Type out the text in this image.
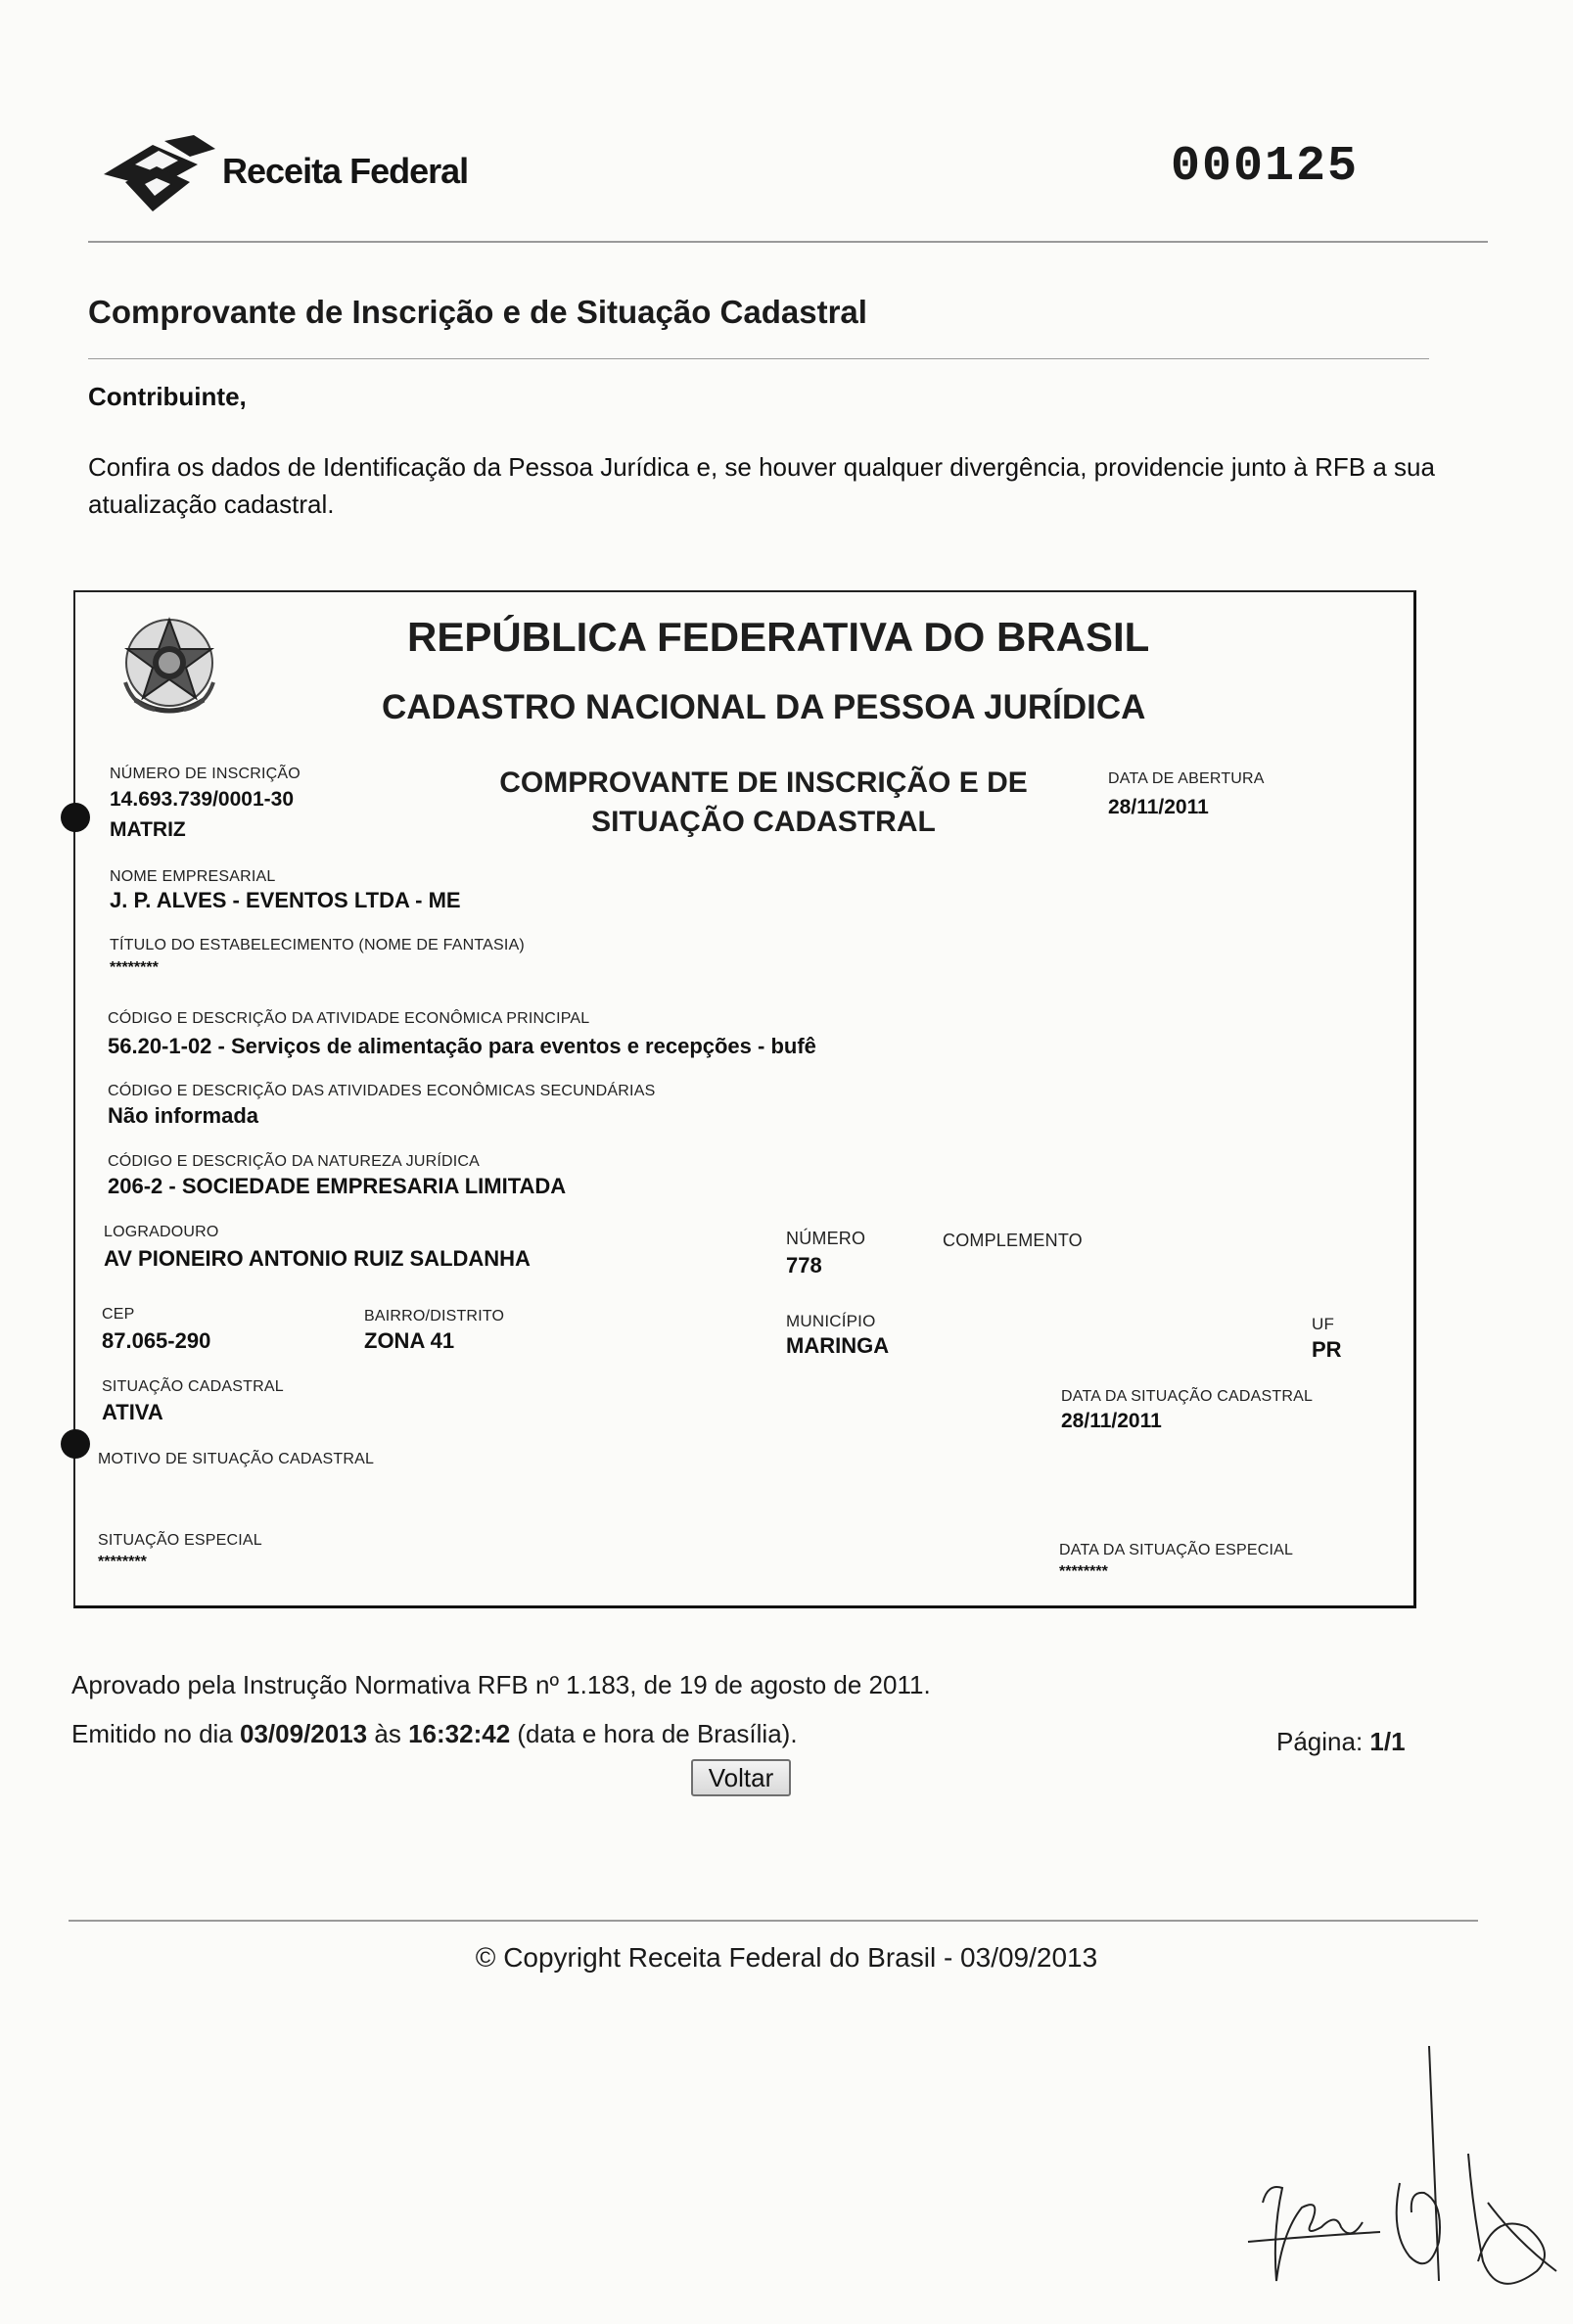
Receita Federal	000125
Comprovante de Inscrição e de Situação Cadastral
Contribuinte,
Confira os dados de Identificação da Pessoa Jurídica e, se houver qualquer divergência, providencie junto à RFB a sua atualização cadastral.
REPÚBLICA FEDERATIVA DO BRASIL
CADASTRO NACIONAL DA PESSOA JURÍDICA
COMPROVANTE DE INSCRIÇÃO E DE SITUAÇÃO CADASTRAL
NÚMERO DE INSCRIÇÃO
14.693.739/0001-30
MATRIZ
DATA DE ABERTURA
28/11/2011
NOME EMPRESARIAL
J. P. ALVES - EVENTOS LTDA - ME
TÍTULO DO ESTABELECIMENTO (NOME DE FANTASIA)
********
CÓDIGO E DESCRIÇÃO DA ATIVIDADE ECONÔMICA PRINCIPAL
56.20-1-02 - Serviços de alimentação para eventos e recepções - bufê
CÓDIGO E DESCRIÇÃO DAS ATIVIDADES ECONÔMICAS SECUNDÁRIAS
Não informada
CÓDIGO E DESCRIÇÃO DA NATUREZA JURÍDICA
206-2 - SOCIEDADE EMPRESARIA LIMITADA
LOGRADOURO
AV PIONEIRO ANTONIO RUIZ SALDANHA
NÚMERO
778
COMPLEMENTO
CEP
87.065-290
BAIRRO/DISTRITO
ZONA 41
MUNICÍPIO
MARINGA
UF
PR
SITUAÇÃO CADASTRAL
ATIVA
DATA DA SITUAÇÃO CADASTRAL
28/11/2011
MOTIVO DE SITUAÇÃO CADASTRAL
SITUAÇÃO ESPECIAL
********
DATA DA SITUAÇÃO ESPECIAL
********
Aprovado pela Instrução Normativa RFB nº 1.183, de 19 de agosto de 2011.
Emitido no dia 03/09/2013 às 16:32:42 (data e hora de Brasília).	Página: 1/1
Voltar
© Copyright Receita Federal do Brasil - 03/09/2013
